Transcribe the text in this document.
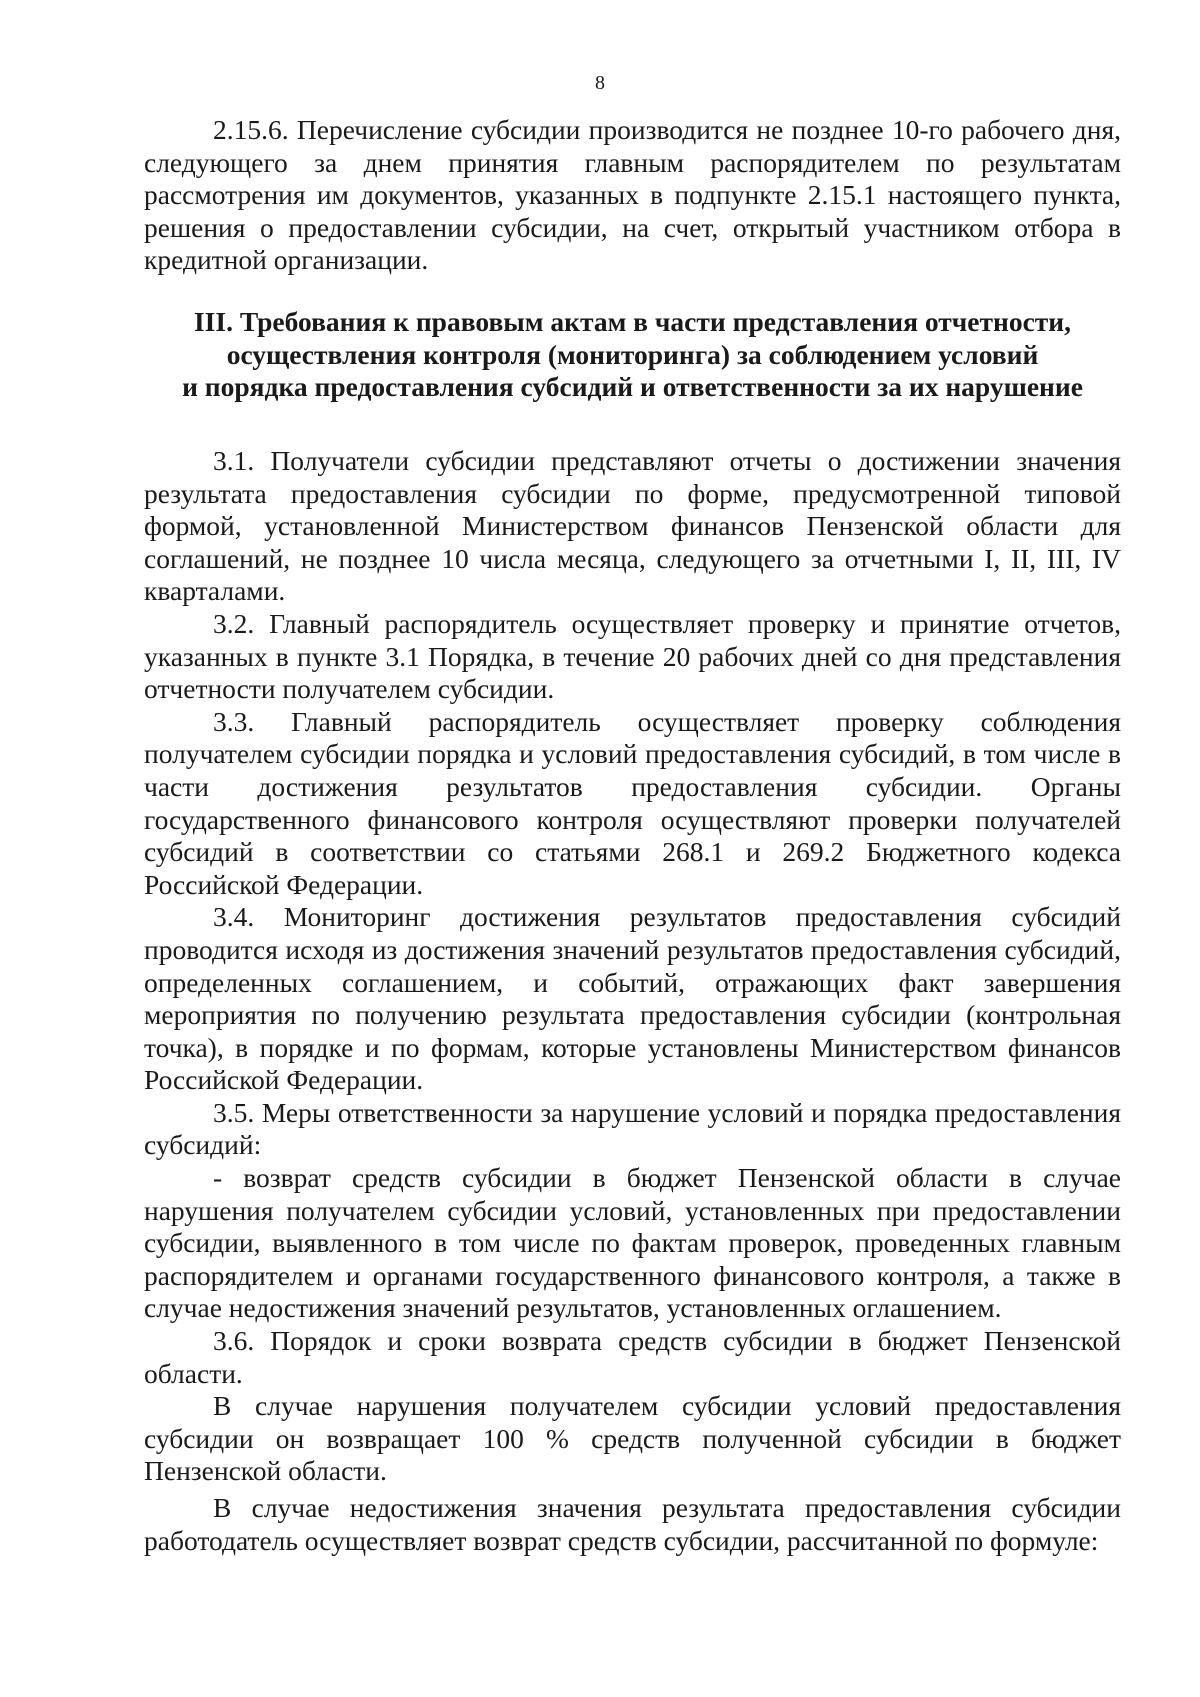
8

2.15.6. Перечисление субсидии производится не позднее 10-го рабочего дня, следующего за днем принятия главным распорядителем по результатам рассмотрения им документов, указанных в подпункте 2.15.1 настоящего пункта, решения о предоставлении субсидии, на счет, открытый участником отбора в кредитной организации.

III. Требования к правовым актам в части представления отчетности,
осуществления контроля (мониторинга) за соблюдением условий
и порядка предоставления субсидий и ответственности за их нарушение

3.1. Получатели субсидии представляют отчеты о достижении значения результата предоставления субсидии по форме, предусмотренной типовой формой, установленной Министерством финансов Пензенской области для соглашений, не позднее 10 числа месяца, следующего за отчетными I, II, III, IV кварталами.

3.2. Главный распорядитель осуществляет проверку и принятие отчетов, указанных в пункте 3.1 Порядка, в течение 20 рабочих дней со дня представления отчетности получателем субсидии.

3.3. Главный распорядитель осуществляет проверку соблюдения получателем субсидии порядка и условий предоставления субсидий, в том числе в части достижения результатов предоставления субсидии. Органы государственного финансового контроля осуществляют проверки получателей субсидий в соответствии со статьями 268.1 и 269.2 Бюджетного кодекса Российской Федерации.

3.4. Мониторинг достижения результатов предоставления субсидий проводится исходя из достижения значений результатов предоставления субсидий, определенных соглашением, и событий, отражающих факт завершения мероприятия по получению результата предоставления субсидии (контрольная точка), в порядке и по формам, которые установлены Министерством финансов Российской Федерации.

3.5. Меры ответственности за нарушение условий и порядка предоставления субсидий:

- возврат средств субсидии в бюджет Пензенской области в случае нарушения получателем субсидии условий, установленных при предоставлении субсидии, выявленного в том числе по фактам проверок, проведенных главным распорядителем и органами государственного финансового контроля, а также в случае недостижения значений результатов, установленных оглашением.

3.6. Порядок и сроки возврата средств субсидии в бюджет Пензенской области.

В случае нарушения получателем субсидии условий предоставления субсидии он возвращает 100 % средств полученной субсидии в бюджет Пензенской области.

В случае недостижения значения результата предоставления субсидии работодатель осуществляет возврат средств субсидии, рассчитанной по формуле:
